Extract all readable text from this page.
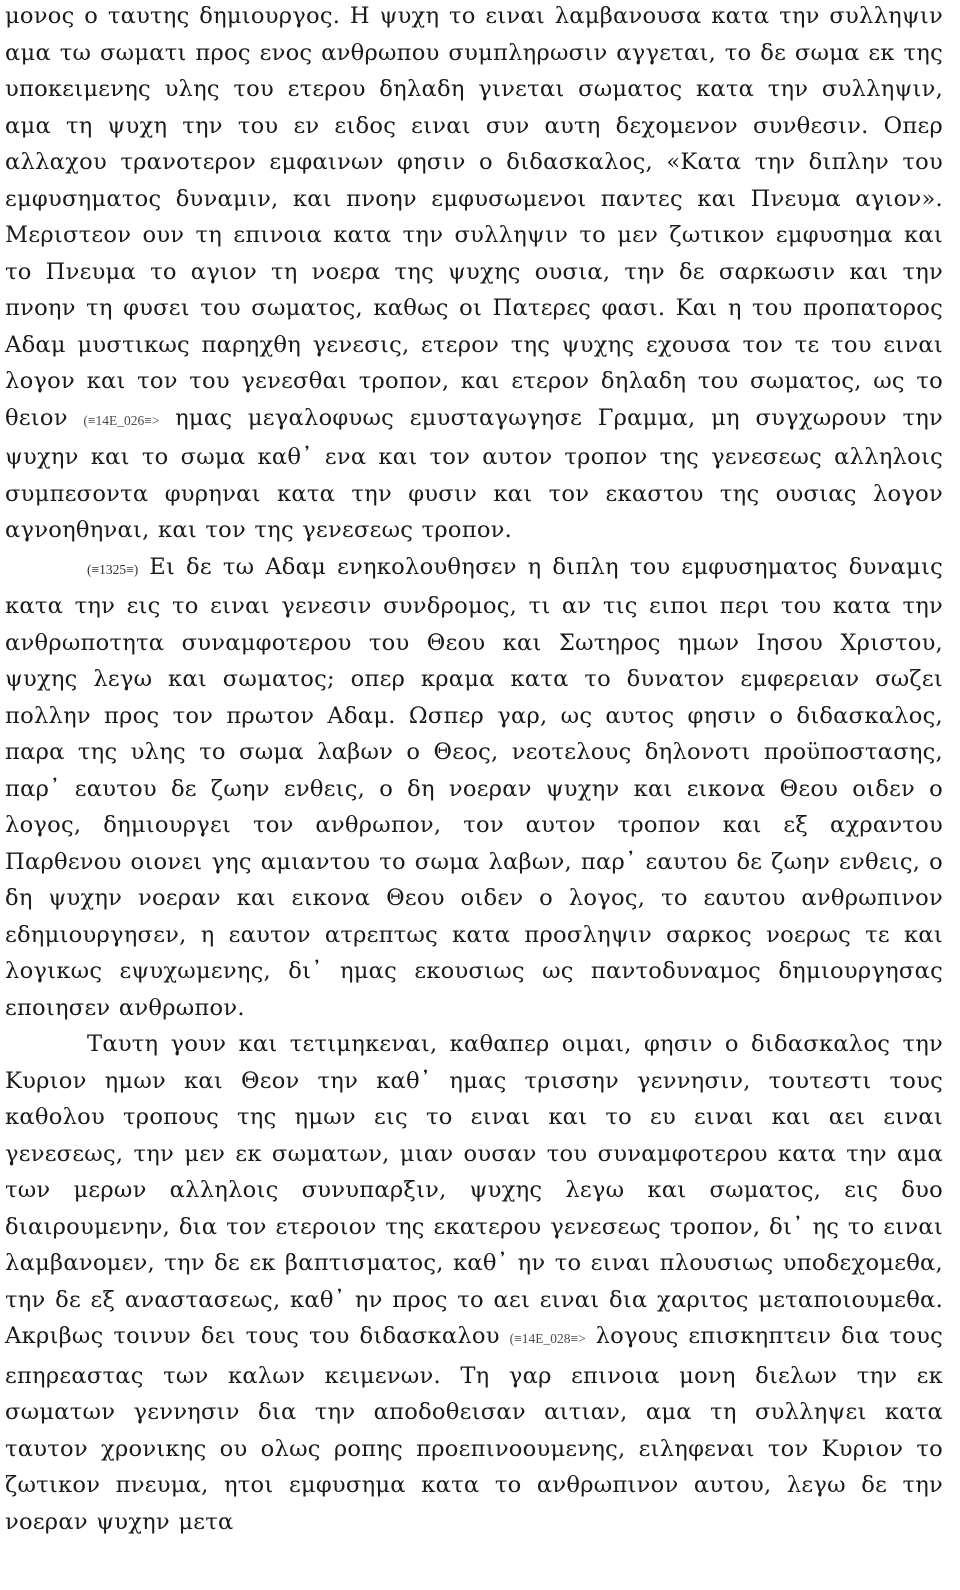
μονος ο ταυτης δημιουργος. Η ψυχη το ειναι λαμβανουσα κατα την συλληψιν αμα τω σωματι προς ενος ανθρωπου συμπληρωσιν αγγεται, το δε σωμα εκ της υποκειμενης υλης του ετερου δηλαδη γινεται σωματος κατα την συλληψιν, αμα τη ψυχη την του εν ειδος ειναι συν αυτη δεχομενον συνθεσιν. Οπερ αλλαχου τρανοτερον εμφαινων φησιν ο διδασκαλος, «Κατα την διπλην του εμφυσηματος δυναμιν, και πνοην εμφυσωμενοι παντες και Πνευμα αγιον». Μεριστεον ουν τη επινοια κατα την συλληψιν το μεν ζωτικον εμφυσημα και το Πνευμα το αγιον τη νοερα της ψυχης ουσια, την δε σαρκωσιν και την πνοην τη φυσει του σωματος, καθως οι Πατερες φασι. Και η του προπατορος Αδαμ μυστικως παρηχθη γενεσις, ετερον της ψυχης εχουσα τον τε του ειναι λογον και τον του γενεσθαι τροπον, και ετερον δηλαδη του σωματος, ως το θειον (≡14E_026≡> ημας μεγαλοφυως εμυσταγωγησε Γραμμα, μη συγχωρουν την ψυχην και το σωμα καθ᾿ ενα και τον αυτον τροπον της γενεσεως αλληλοις συμπεσοντα φυρηναι κατα την φυσιν και τον εκαστου της ουσιας λογον αγνοηθηναι, και τον της γενεσεως τροπον.

(≡1325≡) Ει δε τω Αδαμ ενηκολουθησεν η διπλη του εμφυσηματος δυναμις κατα την εις το ειναι γενεσιν συνδρομος, τι αν τις ειποι περι του κατα την ανθρωποτητα συναμφοτερου του Θεου και Σωτηρος ημων Ιησου Χριστου, ψυχης λεγω και σωματος; οπερ κραμα κατα το δυνατον εμφερειαν σωζει πολλην προς τον πρωτον Αδαμ. Ωσπερ γαρ, ως αυτος φησιν ο διδασκαλος, παρα της υλης το σωμα λαβων ο Θεος, νεοτελους δηλονοτι προϋποστασης, παρ᾿ εαυτου δε ζωην ενθεις, ο δη νοεραν ψυχην και εικονα Θεου οιδεν ο λογος, δημιουργει τον ανθρωπον, τον αυτον τροπον και εξ αχραντου Παρθενου οιονει γης αμιαντου το σωμα λαβων, παρ᾿ εαυτου δε ζωην ενθεις, ο δη ψυχην νοεραν και εικονα Θεου οιδεν ο λογος, το εαυτου ανθρωπινον εδημιουργησεν, η εαυτον ατρεπτως κατα προσληψιν σαρκος νοερως τε και λογικως εψυχωμενης, δι᾿ ημας εκουσιως ως παντοδυναμος δημιουργησας εποιησεν ανθρωπον.

Ταυτη γουν και τετιμηκεναι, καθαπερ οιμαι, φησιν ο διδασκαλος την Κυριον ημων και Θεον την καθ᾿ ημας τρισσην γεννησιν, τουτεστι τους καθολου τροπους της ημων εις το ειναι και το ευ ειναι και αει ειναι γενεσεως, την μεν εκ σωματων, μιαν ουσαν του συναμφοτερου κατα την αμα των μερων αλληλοις συνυπαρξιν, ψυχης λεγω και σωματος, εις δυο διαιρουμενην, δια τον ετεροιον της εκατερου γενεσεως τροπον, δι᾿ ης το ειναι λαμβανομεν, την δε εκ βαπτισματος, καθ᾿ ην το ειναι πλουσιως υποδεχομεθα, την δε εξ αναστασεως, καθ᾿ ην προς το αει ειναι δια χαριτος μεταποιουμεθα. Ακριβως τοινυν δει τους του διδασκαλου (≡14E_028≡> λογους επισκηπτειν δια τους επηρεαστας των καλων κειμενων. Τη γαρ επινοια μονη διελων την εκ σωματων γεννησιν δια την αποδοθεισαν αιτιαν, αμα τη συλληψει κατα ταυτον χρονικης ου ολως ροπης προεπινοουμενης, ειληφεναι τον Κυριον το ζωτικον πνευμα, ητοι εμφυσημα κατα το ανθρωπινον αυτου, λεγω δε την νοεραν ψυχην μετα
